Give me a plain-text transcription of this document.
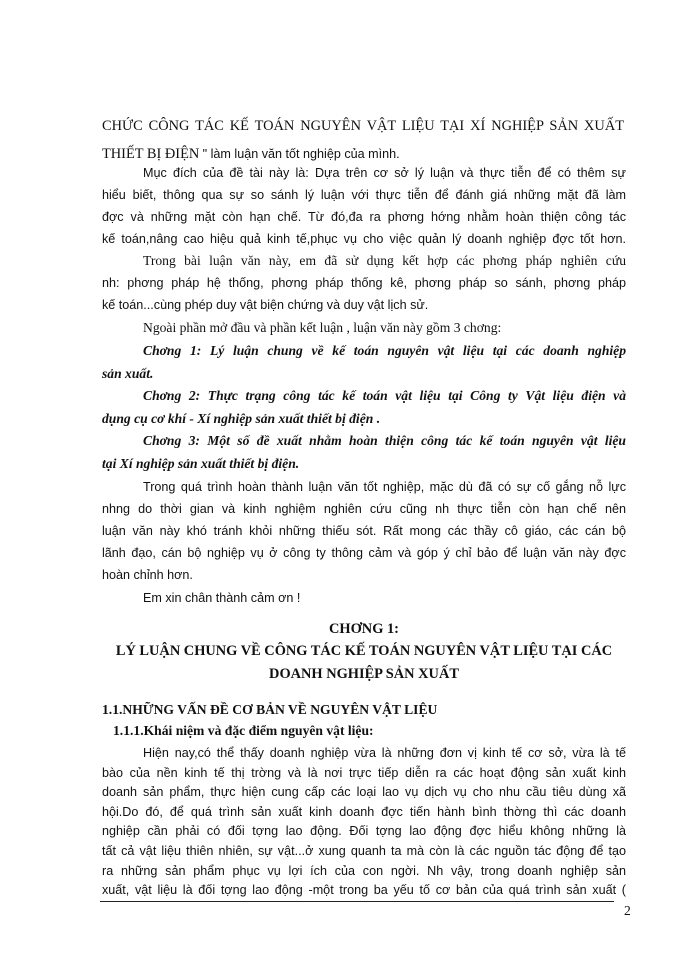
CHỨC CÔNG TÁC KẾ TOÁN NGUYÊN VẬT LIỆU TẠI XÍ NGHIỆP SẢN XUẤT
THIẾT BỊ ĐIỆN " làm luận văn tốt nghiệp của mình.
Mục đích của đề tài này là: Dựa trên cơ sở lý luận và thực tiễn để có thêm sự
hiểu biết, thông qua sự so sánh lý luận với thực tiễn để đánh giá những mặt đã làm
đợc và những mặt còn hạn chế. Từ đó,đa ra phơng hớng nhằm hoàn thiện công tác
kế toán,nâng cao hiệu quả kinh tế,phục vụ cho việc quản lý doanh nghiệp đợc tốt hơn.
Trong bài luận văn này, em đã sử dụng kết hợp các phơng pháp nghiên cứu
nh: phơng pháp hệ thống, phơng pháp thống kê, phơng pháp so sánh, phơng pháp
kế toán...cùng phép duy vật biện chứng và duy vật lịch sử.
Ngoài phần mở đầu và phần kết luận , luận văn này gồm 3 chơng:
Chơng 1: Lý luận chung về kế toán nguyên vật liệu tại các doanh nghiệp
sản xuất.
Chơng 2: Thực trạng công tác kế toán vật liệu tại Công ty Vật liệu điện và
dụng cụ cơ khí - Xí nghiệp sản xuất thiết bị điện .
Chơng 3: Một số đề xuất nhằm hoàn thiện công tác kế toán nguyên vật liệu
tại Xí nghiệp sản xuất thiết bị điện.
Trong quá trình hoàn thành luận văn tốt nghiệp, mặc dù đã có sự cố gắng nỗ lực
nhng do thời gian và kinh nghiệm nghiên cứu cũng nh thực tiễn còn hạn chế nên
luận văn này khó tránh khỏi những thiếu sót. Rất mong các thầy cô giáo, các cán bộ
lãnh đạo, cán bộ nghiệp vụ ở công ty thông cảm và góp ý chỉ bảo để luận văn này đợc
hoàn chỉnh hơn.
Em xin chân thành cảm ơn !
CHƠNG 1:
LÝ LUẬN CHUNG VỀ CÔNG TÁC KẾ TOÁN NGUYÊN VẬT LIỆU TẠI CÁC
DOANH NGHIỆP SẢN XUẤT
1.1.NHỮNG VẤN ĐỀ CƠ BẢN VỀ NGUYÊN VẬT LIỆU
1.1.1.Khái niệm và đặc điểm nguyên vật liệu:
Hiện nay,có thể thấy doanh nghiệp vừa là những đơn vị kinh tế cơ sở, vừa là tế
bào của nền kinh tế thị trờng và là nơi trực tiếp diễn ra các hoạt động sản xuất kinh
doanh sản phẩm, thực hiện cung cấp các loại lao vụ dịch vụ cho nhu cầu tiêu dùng xã
hội.Do đó, để quá trình sản xuất kinh doanh đợc tiến hành bình thờng thì các doanh
nghiệp cần phải có đối tợng lao động. Đối tợng lao động đợc hiểu không những là
tất cả vật liệu thiên nhiên, sự vật...ở xung quanh ta mà còn là các nguồn tác động để tạo
ra những sản phẩm phục vụ lợi ích của con ngời. Nh vậy, trong doanh nghiệp sản
xuất, vật liệu là đối tợng lao động -một trong ba yếu tố cơ bản của quá trình sản xuất (
2
